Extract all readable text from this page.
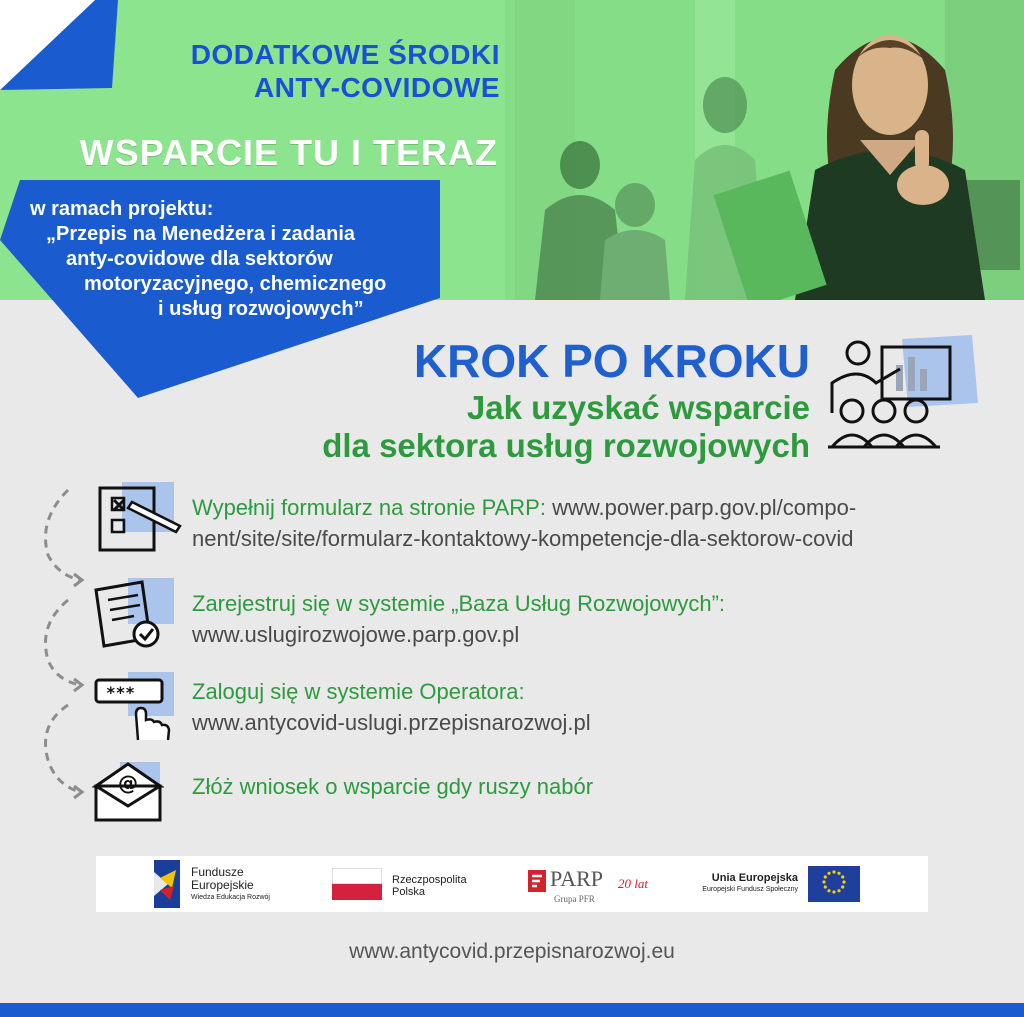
DODATKOWE ŚRODKI
ANTY-COVIDOWE
WSPARCIE TU I TERAZ
w ramach projektu:
„Przepis na Menedżera i zadania
anty-covidowe dla sektorów
motoryzacyjnego, chemicznego
i usług rozwojowych”
KROK PO KROKU
Jak uzyskać wsparcie
dla sektora usług rozwojowych
***
@
Wypełnij formularz na stronie PARP: www.power.parp.gov.pl/compo-
nent/site/site/formularz-kontaktowy-kompetencje-dla-sektorow-covid
Zarejestruj się w systemie „Baza Usług Rozwojowych”:
www.uslugirozwojowe.parp.gov.pl
Zaloguj się w systemie Operatora:
www.antycovid-uslugi.przepisnarozwoj.pl
Złóż wniosek o wsparcie gdy ruszy nabór
Fundusze
Europejskie
Wiedza Edukacja Rozwój
Rzeczpospolita
Polska
PARP 20 lat
Grupa PFR
Unia Europejska
Europejski Fundusz Społeczny
www.antycovid.przepisnarozwoj.eu
